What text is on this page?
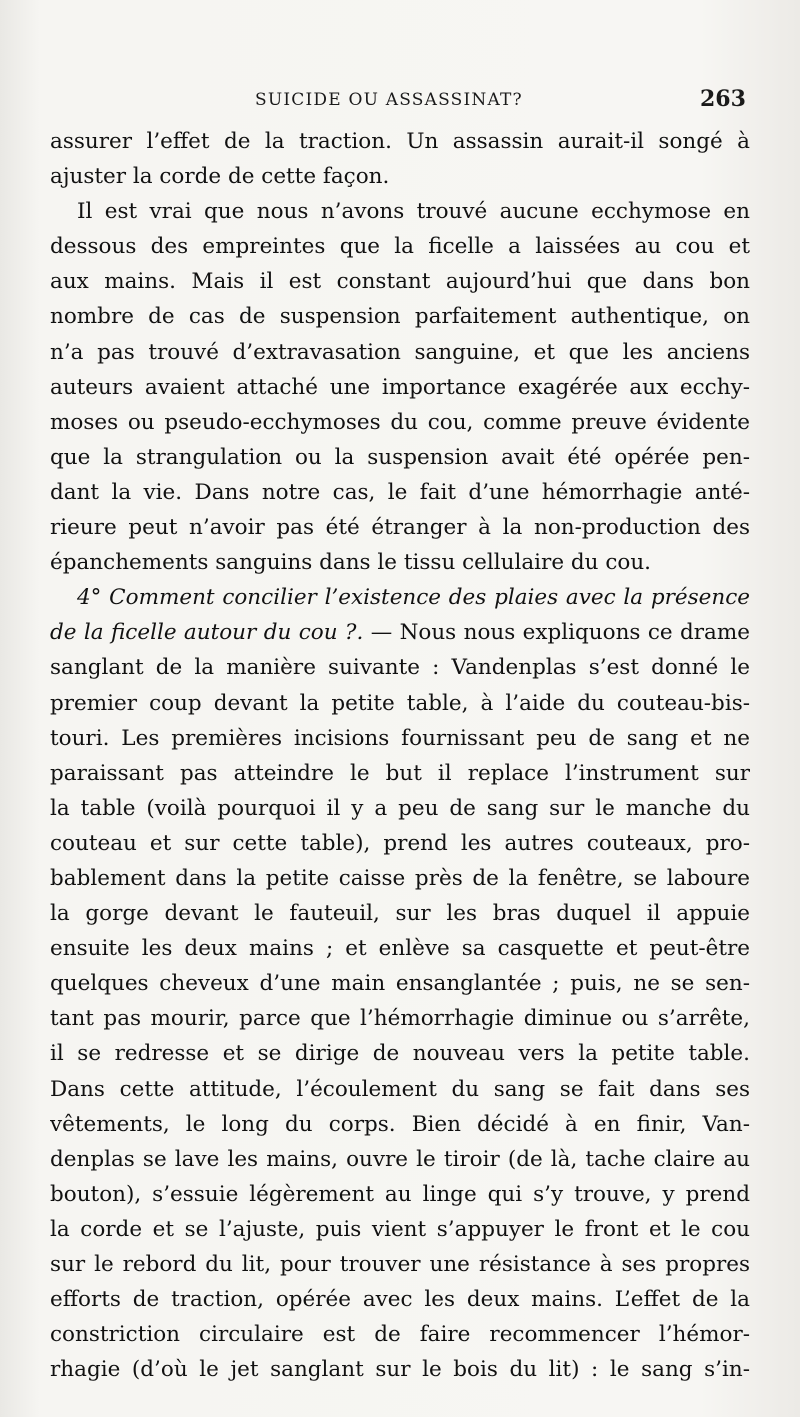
SUICIDE OU ASSASSINAT?	263
assurer l’effet de la traction. Un assassin aurait-il songé à
ajuster la corde de cette façon.
Il est vrai que nous n’avons trouvé aucune ecchymose en
dessous des empreintes que la ficelle a laissées au cou et
aux mains. Mais il est constant aujourd’hui que dans bon
nombre de cas de suspension parfaitement authentique, on
n’a pas trouvé d’extravasation sanguine, et que les anciens
auteurs avaient attaché une importance exagérée aux ecchy-
moses ou pseudo-ecchymoses du cou, comme preuve évidente
que la strangulation ou la suspension avait été opérée pen-
dant la vie. Dans notre cas, le fait d’une hémorrhagie anté-
rieure peut n’avoir pas été étranger à la non-production des
épanchements sanguins dans le tissu cellulaire du cou.
4° Comment concilier l’existence des plaies avec la présence
de la ficelle autour du cou ?. — Nous nous expliquons ce drame
sanglant de la manière suivante : Vandenplas s’est donné le
premier coup devant la petite table, à l’aide du couteau-bis-
touri. Les premières incisions fournissant peu de sang et ne
paraissant pas atteindre le but il replace l’instrument sur
la table (voilà pourquoi il y a peu de sang sur le manche du
couteau et sur cette table), prend les autres couteaux, pro-
bablement dans la petite caisse près de la fenêtre, se laboure
la gorge devant le fauteuil, sur les bras duquel il appuie
ensuite les deux mains ; et enlève sa casquette et peut-être
quelques cheveux d’une main ensanglantée ; puis, ne se sen-
tant pas mourir, parce que l’hémorrhagie diminue ou s’arrête,
il se redresse et se dirige de nouveau vers la petite table.
Dans cette attitude, l’écoulement du sang se fait dans ses
vêtements, le long du corps. Bien décidé à en finir, Van-
denplas se lave les mains, ouvre le tiroir (de là, tache claire au
bouton), s’essuie légèrement au linge qui s’y trouve, y prend
la corde et se l’ajuste, puis vient s’appuyer le front et le cou
sur le rebord du lit, pour trouver une résistance à ses propres
efforts de traction, opérée avec les deux mains. L’effet de la
constriction circulaire est de faire recommencer l’hémor-
rhagie (d’où le jet sanglant sur le bois du lit) : le sang s’in-
